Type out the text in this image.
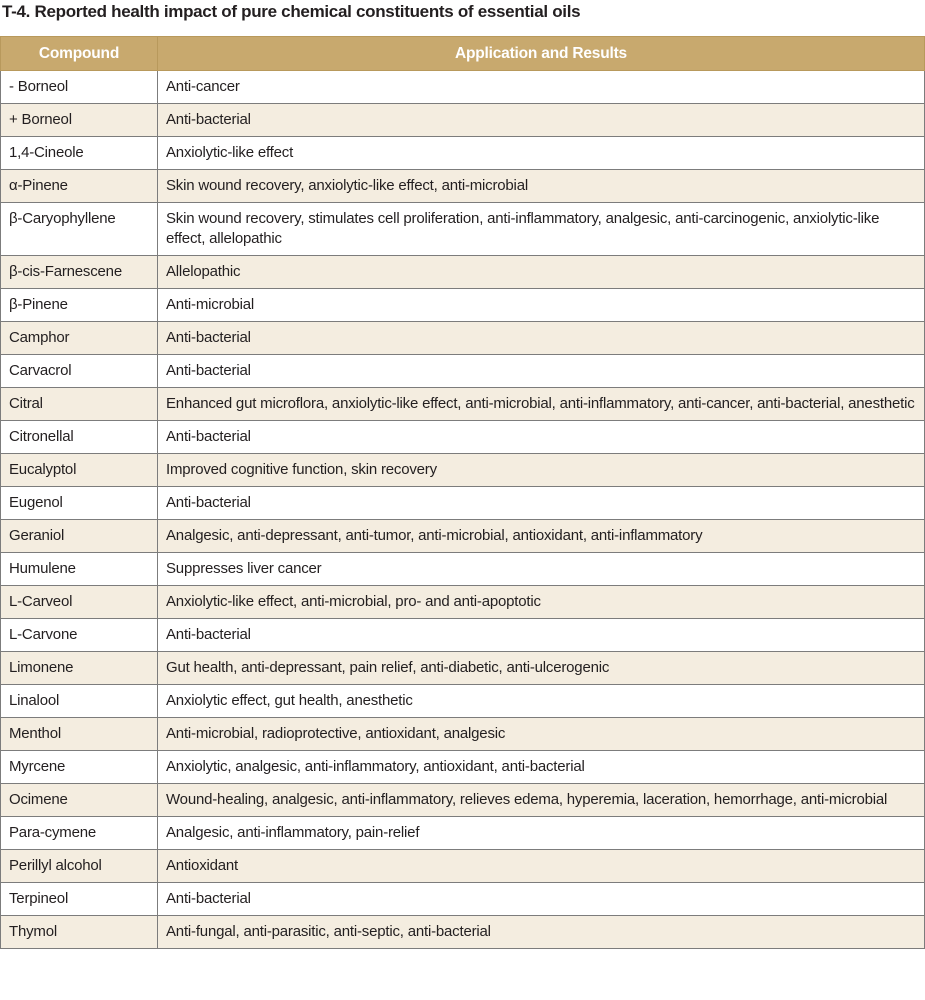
T-4. Reported health impact of pure chemical constituents of essential oils
Compound	Application and Results
- Borneol	Anti-cancer
+ Borneol	Anti-bacterial
1,4-Cineole	Anxiolytic-like effect
α-Pinene	Skin wound recovery, anxiolytic-like effect, anti-microbial
β-Caryophyllene	Skin wound recovery, stimulates cell proliferation, anti-inflammatory, analgesic, anti-carcinogenic, anxiolytic-like effect, allelopathic
β-cis-Farnescene	Allelopathic
β-Pinene	Anti-microbial
Camphor	Anti-bacterial
Carvacrol	Anti-bacterial
Citral	Enhanced gut microflora, anxiolytic-like effect, anti-microbial, anti-inflammatory, anti-cancer, anti-bacterial, anesthetic
Citronellal	Anti-bacterial
Eucalyptol	Improved cognitive function, skin recovery
Eugenol	Anti-bacterial
Geraniol	Analgesic, anti-depressant, anti-tumor, anti-microbial, antioxidant, anti-inflammatory
Humulene	Suppresses liver cancer
L-Carveol	Anxiolytic-like effect, anti-microbial, pro- and anti-apoptotic
L-Carvone	Anti-bacterial
Limonene	Gut health, anti-depressant, pain relief, anti-diabetic, anti-ulcerogenic
Linalool	Anxiolytic effect, gut health, anesthetic
Menthol	Anti-microbial, radioprotective, antioxidant, analgesic
Myrcene	Anxiolytic, analgesic, anti-inflammatory, antioxidant, anti-bacterial
Ocimene	Wound-healing, analgesic, anti-inflammatory, relieves edema, hyperemia, laceration, hemorrhage, anti-microbial
Para-cymene	Analgesic, anti-inflammatory, pain-relief
Perillyl alcohol	Antioxidant
Terpineol	Anti-bacterial
Thymol	Anti-fungal, anti-parasitic, anti-septic, anti-bacterial
